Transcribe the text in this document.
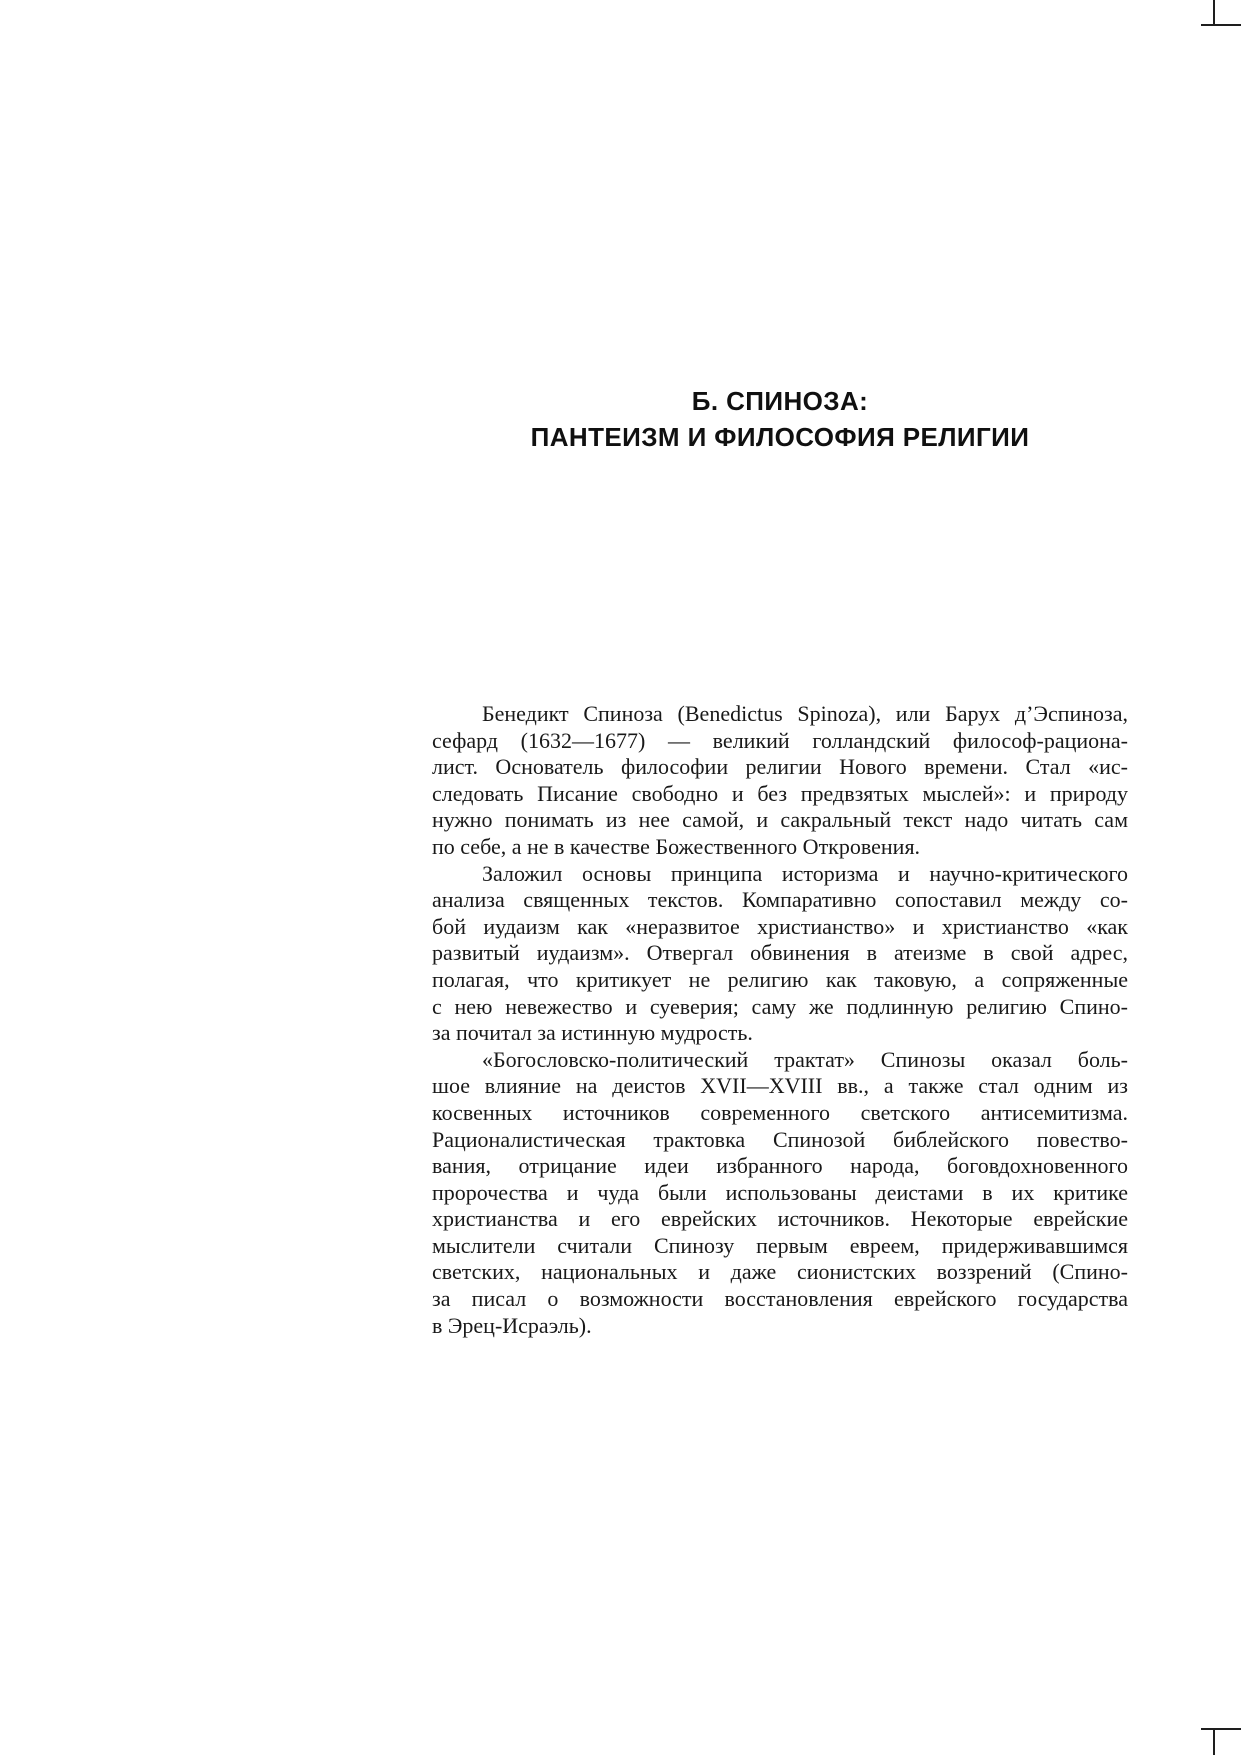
Б. СПИНОЗА:
ПАНТЕИЗМ И ФИЛОСОФИЯ РЕЛИГИИ
Бенедикт Спиноза (Benedictus Spinoza), или Барух д’Эспиноза,
сефард (1632—1677) — великий голландский философ-рациона-
лист. Основатель философии религии Нового времени. Стал «ис-
следовать Писание свободно и без предвзятых мыслей»: и природу
нужно понимать из нее самой, и сакральный текст надо читать сам
по себе, а не в качестве Божественного Откровения.
Заложил основы принципа историзма и научно-критического
анализа священных текстов. Компаративно сопоставил между со-
бой иудаизм как «неразвитое христианство» и христианство «как
развитый иудаизм». Отвергал обвинения в атеизме в свой адрес,
полагая, что критикует не религию как таковую, а сопряженные
с нею невежество и суеверия; саму же подлинную религию Спино-
за почитал за истинную мудрость.
«Богословско-политический трактат» Спинозы оказал боль-
шое влияние на деистов XVII—XVIII вв., а также стал одним из
косвенных источников современного светского антисемитизма.
Рационалистическая трактовка Спинозой библейского повество-
вания, отрицание идеи избранного народа, боговдохновенного
пророчества и чуда были использованы деистами в их критике
христианства и его еврейских источников. Некоторые еврейские
мыслители считали Спинозу первым евреем, придерживавшимся
светских, национальных и даже сионистских воззрений (Спино-
за писал о возможности восстановления еврейского государства
в Эрец-Исраэль).
